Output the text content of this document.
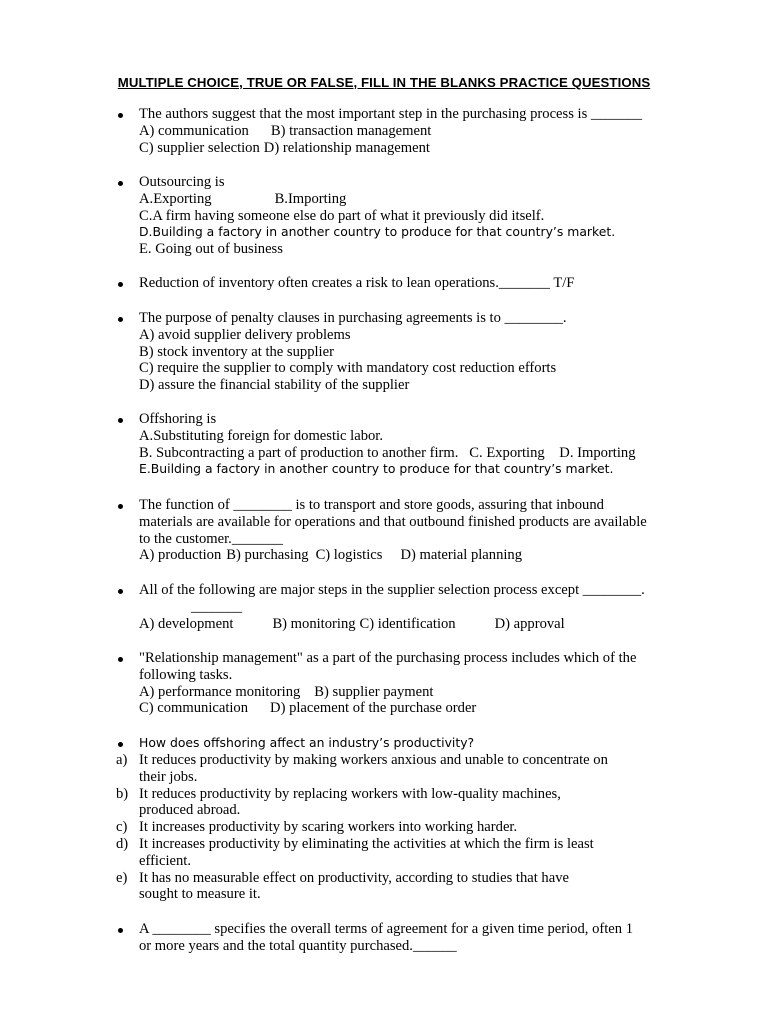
MULTIPLE CHOICE, TRUE OR FALSE, FILL IN THE BLANKS PRACTICE QUESTIONS
The authors suggest that the most important step in the purchasing process is _______
A) communication B) transaction management
C) supplier selection D) relationship management
Outsourcing is
A.Exporting	B.Importing
C.A firm having someone else do part of what it previously did itself.
D.Building a factory in another country to produce for that country’s market.
E. Going out of business
Reduction of inventory often creates a risk to lean operations._______ T/F
The purpose of penalty clauses in purchasing agreements is to ________.
A) avoid supplier delivery problems
B) stock inventory at the supplier
C) require the supplier to comply with mandatory cost reduction efforts
D) assure the financial stability of the supplier
Offshoring is
A.Substituting foreign for domestic labor.
B. Subcontracting a part of production to another firm.   C. Exporting    D. Importing
E.Building a factory in another country to produce for that country’s market.
The function of ________ is to transport and store goods, assuring that inbound
materials are available for operations and that outbound finished products are available
to the customer._______
A) production B) purchasing C) logistics D) material planning
All of the following are major steps in the supplier selection process except ________.
_______
A) development	B) monitoring C) identification	D) approval
"Relationship management" as a part of the purchasing process includes which of the
following tasks.
A) performance monitoring B) supplier payment
C) communication D) placement of the purchase order
How does offshoring affect an industry’s productivity?
a) It reduces productivity by making workers anxious and unable to concentrate on
their jobs.
b) It reduces productivity by replacing workers with low-quality machines,
produced abroad.
c) It increases productivity by scaring workers into working harder.
d) It increases productivity by eliminating the activities at which the firm is least
efficient.
e) It has no measurable effect on productivity, according to studies that have
sought to measure it.
A ________ specifies the overall terms of agreement for a given time period, often 1
or more years and the total quantity purchased.______
